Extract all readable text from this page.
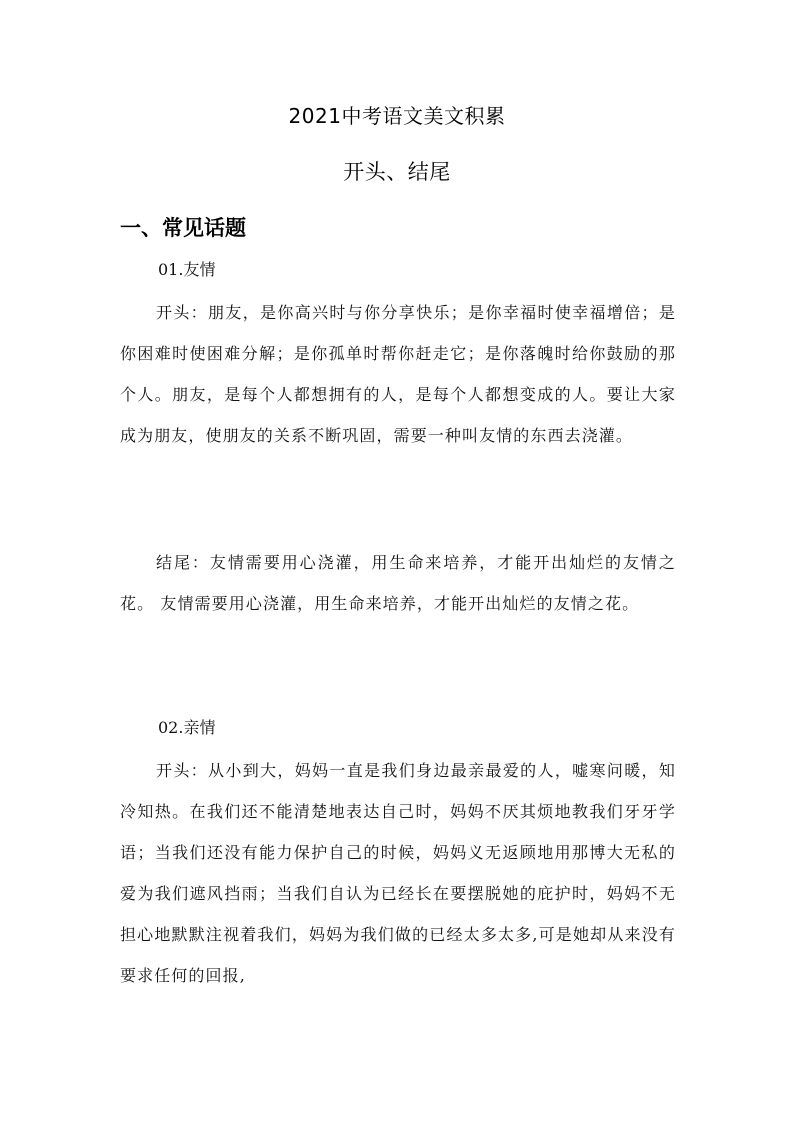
2021中考语文美文积累
开头、结尾
一、常见话题
01.友情

开头：朋友，是你高兴时与你分享快乐；是你幸福时使幸福增倍；是你困难时使困难分解；是你孤单时帮你赶走它；是你落魄时给你鼓励的那个人。朋友，是每个人都想拥有的人，是每个人都想变成的人。要让大家成为朋友，使朋友的关系不断巩固，需要一种叫友情的东西去浇灌。

结尾：友情需要用心浇灌，用生命来培养，才能开出灿烂的友情之花。 友情需要用心浇灌，用生命来培养，才能开出灿烂的友情之花。

02.亲情

开头：从小到大，妈妈一直是我们身边最亲最爱的人，嘘寒问暖，知冷知热。在我们还不能清楚地表达自己时，妈妈不厌其烦地教我们牙牙学语；当我们还没有能力保护自己的时候，妈妈义无返顾地用那博大无私的爱为我们遮风挡雨；当我们自认为已经长在要摆脱她的庇护时，妈妈不无担心地默默注视着我们，妈妈为我们做的已经太多太多,可是她却从来没有要求任何的回报,
